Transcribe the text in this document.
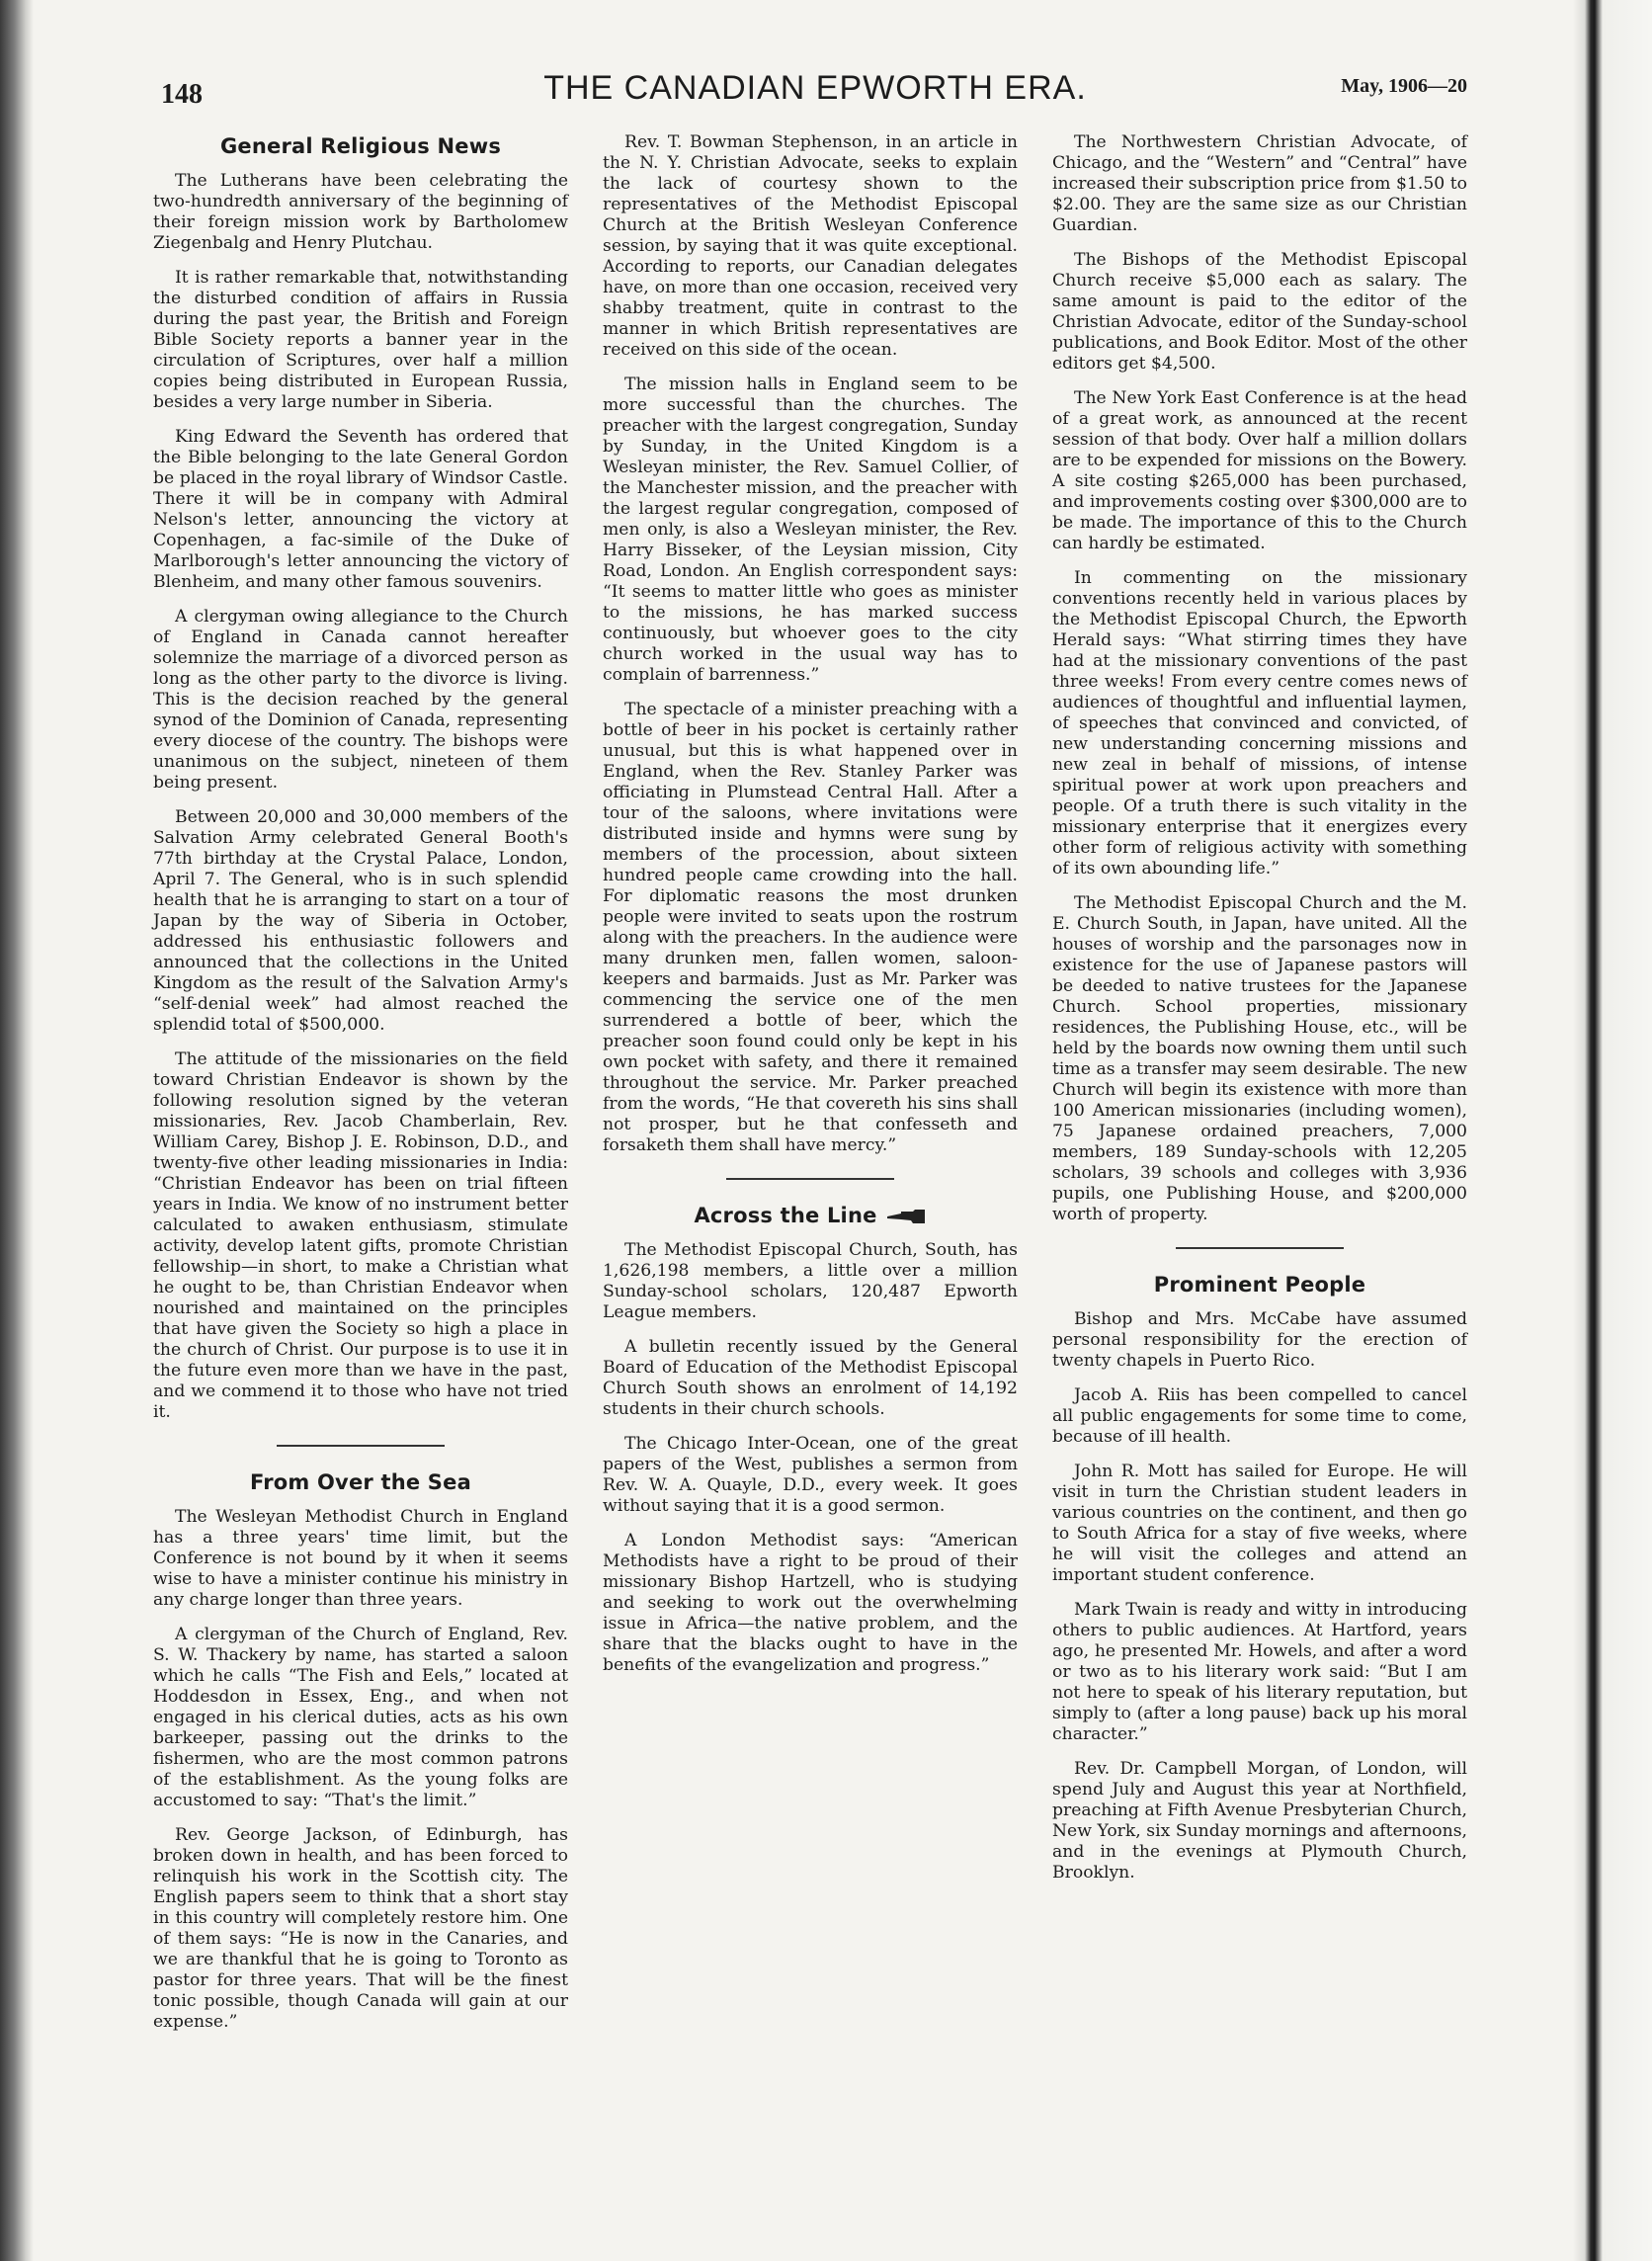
148	THE CANADIAN EPWORTH ERA.	May, 1906—20
General Religious News

The Lutherans have been celebrating the two-hundredth anniversary of the beginning of their foreign mission work by Bartholomew Ziegenbalg and Henry Plutchau.

It is rather remarkable that, notwithstanding the disturbed condition of affairs in Russia during the past year, the British and Foreign Bible Society reports a banner year in the circulation of Scriptures, over half a million copies being distributed in European Russia, besides a very large number in Siberia.

King Edward the Seventh has ordered that the Bible belonging to the late General Gordon be placed in the royal library of Windsor Castle. There it will be in company with Admiral Nelson's letter, announcing the victory at Copenhagen, a fac-simile of the Duke of Marlborough's letter announcing the victory of Blenheim, and many other famous souvenirs.

A clergyman owing allegiance to the Church of England in Canada cannot hereafter solemnize the marriage of a divorced person as long as the other party to the divorce is living. This is the decision reached by the general synod of the Dominion of Canada, representing every diocese of the country. The bishops were unanimous on the subject, nineteen of them being present.

Between 20,000 and 30,000 members of the Salvation Army celebrated General Booth's 77th birthday at the Crystal Palace, London, April 7. The General, who is in such splendid health that he is arranging to start on a tour of Japan by the way of Siberia in October, addressed his enthusiastic followers and announced that the collections in the United Kingdom as the result of the Salvation Army's “self-denial week” had almost reached the splendid total of $500,000.

The attitude of the missionaries on the field toward Christian Endeavor is shown by the following resolution signed by the veteran missionaries, Rev. Jacob Chamberlain, Rev. William Carey, Bishop J. E. Robinson, D.D., and twenty-five other leading missionaries in India: “Christian Endeavor has been on trial fifteen years in India. We know of no instrument better calculated to awaken enthusiasm, stimulate activity, develop latent gifts, promote Christian fellowship—in short, to make a Christian what he ought to be, than Christian Endeavor when nourished and maintained on the principles that have given the Society so high a place in the church of Christ. Our purpose is to use it in the future even more than we have in the past, and we commend it to those who have not tried it.

From Over the Sea

The Wesleyan Methodist Church in England has a three years' time limit, but the Conference is not bound by it when it seems wise to have a minister continue his ministry in any charge longer than three years.

A clergyman of the Church of England, Rev. S. W. Thackery by name, has started a saloon which he calls “The Fish and Eels,” located at Hoddesdon in Essex, Eng., and when not engaged in his clerical duties, acts as his own barkeeper, passing out the drinks to the fishermen, who are the most common patrons of the establishment. As the young folks are accustomed to say: “That's the limit.”

Rev. George Jackson, of Edinburgh, has broken down in health, and has been forced to relinquish his work in the Scottish city. The English papers seem to think that a short stay in this country will completely restore him. One of them says: “He is now in the Canaries, and we are thankful that he is going to Toronto as pastor for three years. That will be the finest tonic possible, though Canada will gain at our expense.”

Rev. T. Bowman Stephenson, in an article in the N. Y. Christian Advocate, seeks to explain the lack of courtesy shown to the representatives of the Methodist Episcopal Church at the British Wesleyan Conference session, by saying that it was quite exceptional. According to reports, our Canadian delegates have, on more than one occasion, received very shabby treatment, quite in contrast to the manner in which British representatives are received on this side of the ocean.

The mission halls in England seem to be more successful than the churches. The preacher with the largest congregation, Sunday by Sunday, in the United Kingdom is a Wesleyan minister, the Rev. Samuel Collier, of the Manchester mission, and the preacher with the largest regular congregation, composed of men only, is also a Wesleyan minister, the Rev. Harry Bisseker, of the Leysian mission, City Road, London. An English correspondent says: “It seems to matter little who goes as minister to the missions, he has marked success continuously, but whoever goes to the city church worked in the usual way has to complain of barrenness.”

The spectacle of a minister preaching with a bottle of beer in his pocket is certainly rather unusual, but this is what happened over in England, when the Rev. Stanley Parker was officiating in Plumstead Central Hall. After a tour of the saloons, where invitations were distributed inside and hymns were sung by members of the procession, about sixteen hundred people came crowding into the hall. For diplomatic reasons the most drunken people were invited to seats upon the rostrum along with the preachers. In the audience were many drunken men, fallen women, saloon-keepers and barmaids. Just as Mr. Parker was commencing the service one of the men surrendered a bottle of beer, which the preacher soon found could only be kept in his own pocket with safety, and there it remained throughout the service. Mr. Parker preached from the words, “He that covereth his sins shall not prosper, but he that confesseth and forsaketh them shall have mercy.”

Across the Line

The Methodist Episcopal Church, South, has 1,626,198 members, a little over a million Sunday-school scholars, 120,487 Epworth League members.

A bulletin recently issued by the General Board of Education of the Methodist Episcopal Church South shows an enrolment of 14,192 students in their church schools.

The Chicago Inter-Ocean, one of the great papers of the West, publishes a sermon from Rev. W. A. Quayle, D.D., every week. It goes without saying that it is a good sermon.

A London Methodist says: “American Methodists have a right to be proud of their missionary Bishop Hartzell, who is studying and seeking to work out the overwhelming issue in Africa—the native problem, and the share that the blacks ought to have in the benefits of the evangelization and progress.”

The Northwestern Christian Advocate, of Chicago, and the “Western” and “Central” have increased their subscription price from $1.50 to $2.00. They are the same size as our Christian Guardian.

The Bishops of the Methodist Episcopal Church receive $5,000 each as salary. The same amount is paid to the editor of the Christian Advocate, editor of the Sunday-school publications, and Book Editor. Most of the other editors get $4,500.

The New York East Conference is at the head of a great work, as announced at the recent session of that body. Over half a million dollars are to be expended for missions on the Bowery. A site costing $265,000 has been purchased, and improvements costing over $300,000 are to be made. The importance of this to the Church can hardly be estimated.

In commenting on the missionary conventions recently held in various places by the Methodist Episcopal Church, the Epworth Herald says: “What stirring times they have had at the missionary conventions of the past three weeks! From every centre comes news of audiences of thoughtful and influential laymen, of speeches that convinced and convicted, of new understanding concerning missions and new zeal in behalf of missions, of intense spiritual power at work upon preachers and people. Of a truth there is such vitality in the missionary enterprise that it energizes every other form of religious activity with something of its own abounding life.”

The Methodist Episcopal Church and the M. E. Church South, in Japan, have united. All the houses of worship and the parsonages now in existence for the use of Japanese pastors will be deeded to native trustees for the Japanese Church. School properties, missionary residences, the Publishing House, etc., will be held by the boards now owning them until such time as a transfer may seem desirable. The new Church will begin its existence with more than 100 American missionaries (including women), 75 Japanese ordained preachers, 7,000 members, 189 Sunday-schools with 12,205 scholars, 39 schools and colleges with 3,936 pupils, one Publishing House, and $200,000 worth of property.

Prominent People

Bishop and Mrs. McCabe have assumed personal responsibility for the erection of twenty chapels in Puerto Rico.

Jacob A. Riis has been compelled to cancel all public engagements for some time to come, because of ill health.

John R. Mott has sailed for Europe. He will visit in turn the Christian student leaders in various countries on the continent, and then go to South Africa for a stay of five weeks, where he will visit the colleges and attend an important student conference.

Mark Twain is ready and witty in introducing others to public audiences. At Hartford, years ago, he presented Mr. Howels, and after a word or two as to his literary work said: “But I am not here to speak of his literary reputation, but simply to (after a long pause) back up his moral character.”

Rev. Dr. Campbell Morgan, of London, will spend July and August this year at Northfield, preaching at Fifth Avenue Presbyterian Church, New York, six Sunday mornings and afternoons, and in the evenings at Plymouth Church, Brooklyn.
